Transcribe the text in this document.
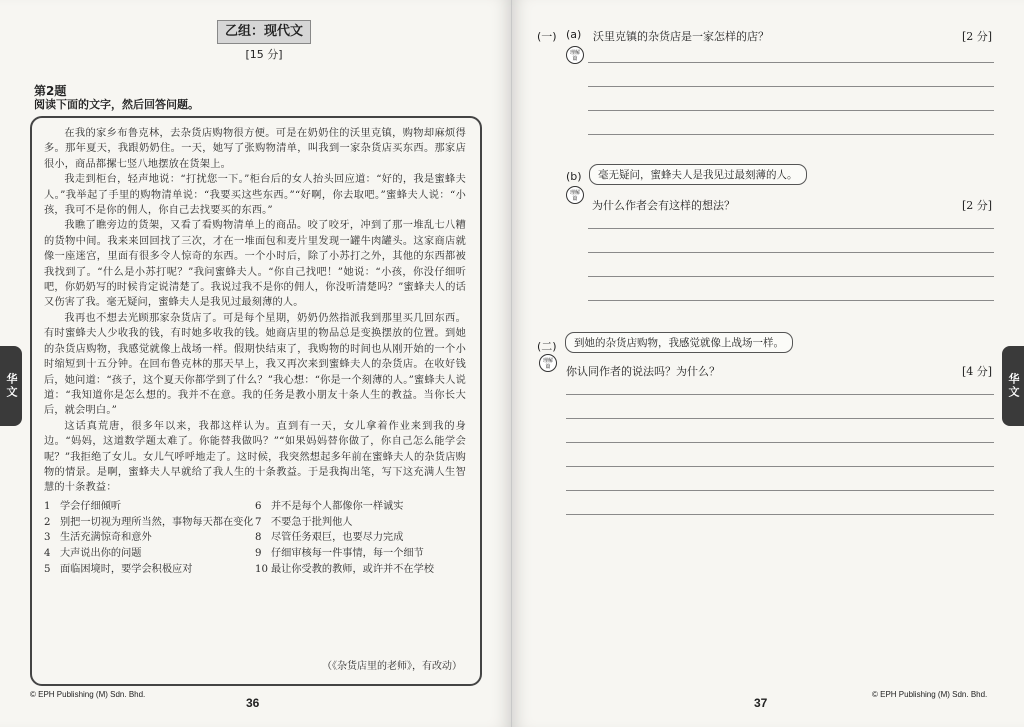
乙组：现代文
[15 分]
第2题
阅读下面的文字，然后回答问题。

在我的家乡布鲁克林，去杂货店购物很方便。可是在奶奶住的沃里克镇，购物却麻烦得多。那年夏天，我跟奶奶住。一天，她写了张购物清单，叫我到一家杂货店买东西。那家店很小，商品都摞七竖八地摆放在货架上。

我走到柜台，轻声地说：“打扰您一下。”柜台后的女人抬头回应道：“好的，我是蜜蜂夫人。”我举起了手里的购物清单说：“我要买这些东西。”“好啊，你去取吧。”蜜蜂夫人说：“小孩，我可不是你的佣人，你自己去找要买的东西。”

我瞧了瞧旁边的货架，又看了看购物清单上的商品。咬了咬牙，冲到了那一堆乱七八糟的货物中间。我来来回回找了三次，才在一堆面包和麦片里发现一罐牛肉罐头。这家商店就像一座迷宫，里面有很多令人惊奇的东西。一个小时后，除了小苏打之外，其他的东西都被我找到了。“什么是小苏打呢？”我问蜜蜂夫人。“你自己找吧！”她说：“小孩，你没仔细听吧，你奶奶写的时候肯定说清楚了。我说过我不是你的佣人，你没听清楚吗？”蜜蜂夫人的话又伤害了我。毫无疑问，蜜蜂夫人是我见过最刻薄的人。

我再也不想去光顾那家杂货店了。可是每个星期，奶奶仍然指派我到那里买几回东西。有时蜜蜂夫人少收我的钱，有时她多收我的钱。她商店里的物品总是变换摆放的位置。到她的杂货店购物，我感觉就像上战场一样。假期快结束了，我购物的时间也从刚开始的一个小时缩短到十五分钟。在回布鲁克林的那天早上，我又再次来到蜜蜂夫人的杂货店。在收好钱后，她问道：“孩子，这个夏天你都学到了什么？”我心想：“你是一个刻薄的人。”蜜蜂夫人说道：“我知道你是怎么想的。我并不在意。我的任务是教小朋友十条人生的教益。当你长大后，就会明白。”

这话真荒唐，很多年以来，我都这样认为。直到有一天，女儿拿着作业来到我的身边。“妈妈，这道数学题太难了。你能替我做吗？”“如果妈妈替你做了，你自己怎么能学会呢？”我拒绝了女儿。女儿气呼呼地走了。这时候，我突然想起多年前在蜜蜂夫人的杂货店购物的情景。是啊，蜜蜂夫人早就给了我人生的十条教益。于是我掏出笔，写下这充满人生智慧的十条教益：

1 学会仔细倾听
2 别把一切视为理所当然，事物每天都在变化
3 生活充满惊奇和意外
4 大声说出你的问题
5 面临困境时，要学会积极应对
6 并不是每个人都像你一样诚实
7 不要急于批判他人
8 尽管任务艰巨，也要尽力完成
9 仔细审核每一件事情，每一个细节
10 最让你受教的教师，或许并不在学校
（《杂货店里的老师》，有改动）
© EPH Publishing (M) Sdn. Bhd.
36
华文
(一) (a) 沃里克镇的杂货店是一家怎样的店？	[2 分]
理解 篇
(b)	毫无疑问，蜜蜂夫人是我见过最刻薄的人。
理解 篇	为什么作者会有这样的想法？	[2 分]
(二)	到她的杂货店购物，我感觉就像上战场一样。
理解 篇	你认同作者的说法吗？为什么？	[4 分]
37
© EPH Publishing (M) Sdn. Bhd.
华文
